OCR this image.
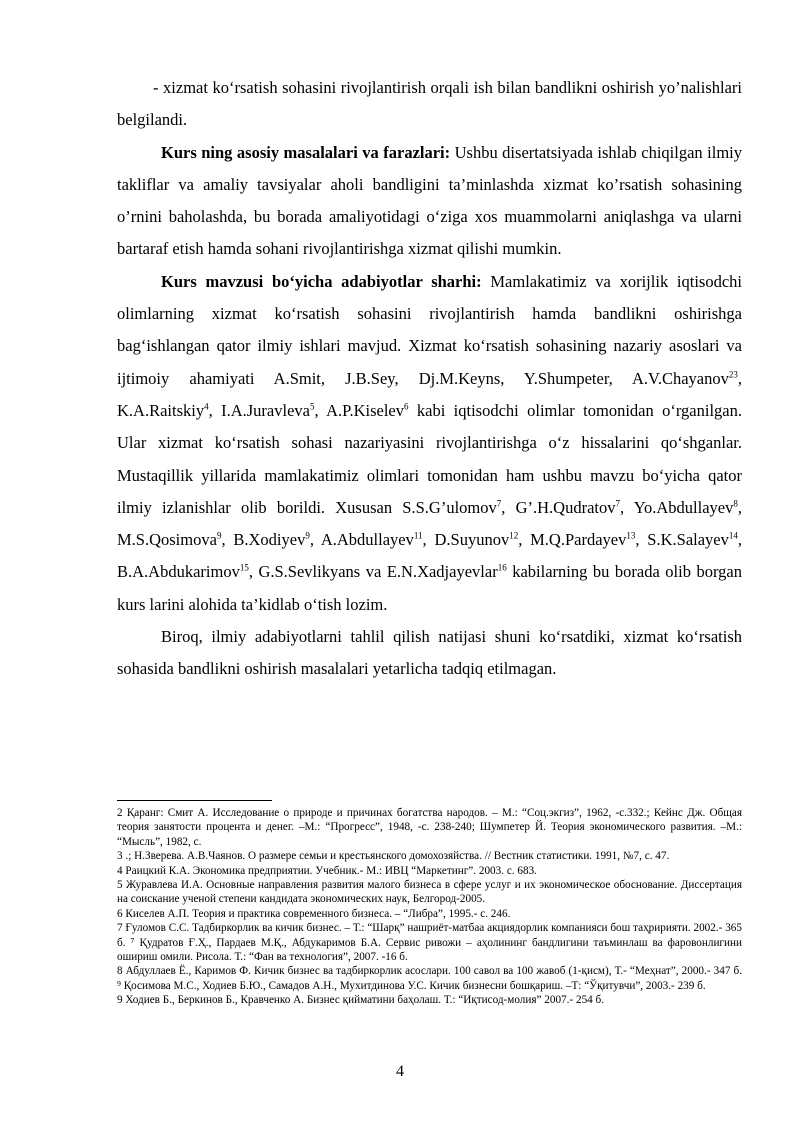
- xizmat ko‘rsatish sohasini rivojlantirish orqali ish bilan bandlikni oshirish yo’nalishlari belgilandi.

Kurs ning asosiy masalalari va farazlari: Ushbu disertatsiyada ishlab chiqilgan ilmiy takliflar va amaliy tavsiyalar aholi bandligini ta’minlashda xizmat ko’rsatish sohasining o’rnini baholashda, bu borada amaliyotidagi o‘ziga xos muammolarni aniqlashga va ularni bartaraf etish hamda sohani rivojlantirishga xizmat qilishi mumkin.

Kurs mavzusi bo‘yicha adabiyotlar sharhi: Mamlakatimiz va xorijlik iqtisodchi olimlarning xizmat ko‘rsatish sohasini rivojlantirish hamda bandlikni oshirishga bag‘ishlangan qator ilmiy ishlari mavjud. Xizmat ko‘rsatish sohasining nazariy asoslari va ijtimoiy ahamiyati A.Smit, J.B.Sey, Dj.M.Keyns, Y.Shumpeter, A.V.Chayanov$^{23}$, K.A.Raitskiy$^4$, I.A.Juravleva$^5$, A.P.Kiselev$^6$ kabi iqtisodchi olimlar tomonidan o‘rganilgan. Ular xizmat ko‘rsatish sohasi nazariyasini rivojlantirishga o‘z hissalarini qo‘shganlar. Mustaqillik yillarida mamlakatimiz olimlari tomonidan ham ushbu mavzu bo‘yicha qator ilmiy izlanishlar olib borildi. Xususan S.S.G’ulomov$^7$, G’.H.Qudratov$^7$, Yo.Abdullayev$^8$, M.S.Qosimova$^9$, B.Xodiyev$^9$, A.Abdullayev$^{11}$, D.Suyunov$^{12}$, M.Q.Pardayev$^{13}$, S.K.Salayev$^{14}$, B.A.Abdukarimov$^{15}$, G.S.Sevlikyans va E.N.Xadjayevlar$^{16}$ kabilarning bu borada olib borgan kurs larini alohida ta’kidlab o‘tish lozim.

Biroq, ilmiy adabiyotlarni tahlil qilish natijasi shuni ko‘rsatdiki, xizmat ko‘rsatish sohasida bandlikni oshirish masalalari yetarlicha tadqiq etilmagan.

2 Қаранг: Смит А. Исследование о природе и причинах богатства народов. – М.: “Соц.экгиз”, 1962, -с.332.; Кейнс Дж. Общая теория занятости процента и денег. –М.: “Прогресс”, 1948, -с. 238-240; Шумпетер Й. Теория экономического развития. –М.: “Мысль”, 1982, с.

3 .; Н.Зверева. А.В.Чаянов. О размере семьи и крестьянского домохозяйства. // Вестник статистики. 1991, №7, с. 47.

4 Раицкий К.А. Экономика предприятии. Учебник.- М.: ИВЦ “Маркетинг”. 2003. с. 683.

5 Журавлева И.А. Основные направления развития малого бизнеса в сфере услуг и их экономическое обоснование. Диссертация на соискание ученой степени кандидата экономических наук, Белгород-2005.

6 Киселев А.П. Теория и практика современного бизнеса. – “Либра”, 1995.- с. 246.

7 Ғуломов С.С. Тадбиркорлик ва кичик бизнес. – Т.: “Шарқ” нашриёт-матбаа акциядорлик компанияси бош таҳририяти. 2002.- 365 б. ⁷ Қудратов Ғ.Ҳ., Пардаев М.Қ., Абдукаримов Б.А. Сервис ривожи – аҳолининг бандлигини таъминлаш ва фаровонлигини ошириш омили. Рисола. Т.: “Фан ва технология”, 2007. -16 б.

8 Абдуллаев Ё., Каримов Ф. Кичик бизнес ва тадбиркорлик асослари. 100 савол ва 100 жавоб (1-қисм), Т.- “Меҳнат”, 2000.- 347 б. ⁹ Қосимова М.С., Ходиев Б.Ю., Самадов А.Н., Мухитдинова У.С. Кичик бизнесни бошқариш. –Т: “Ўқитувчи”, 2003.- 239 б.

9 Ходиев Б., Беркинов Б., Кравченко А. Бизнес қийматини баҳолаш. Т.: “Иқтисод-молия” 2007.- 254 б.

4
